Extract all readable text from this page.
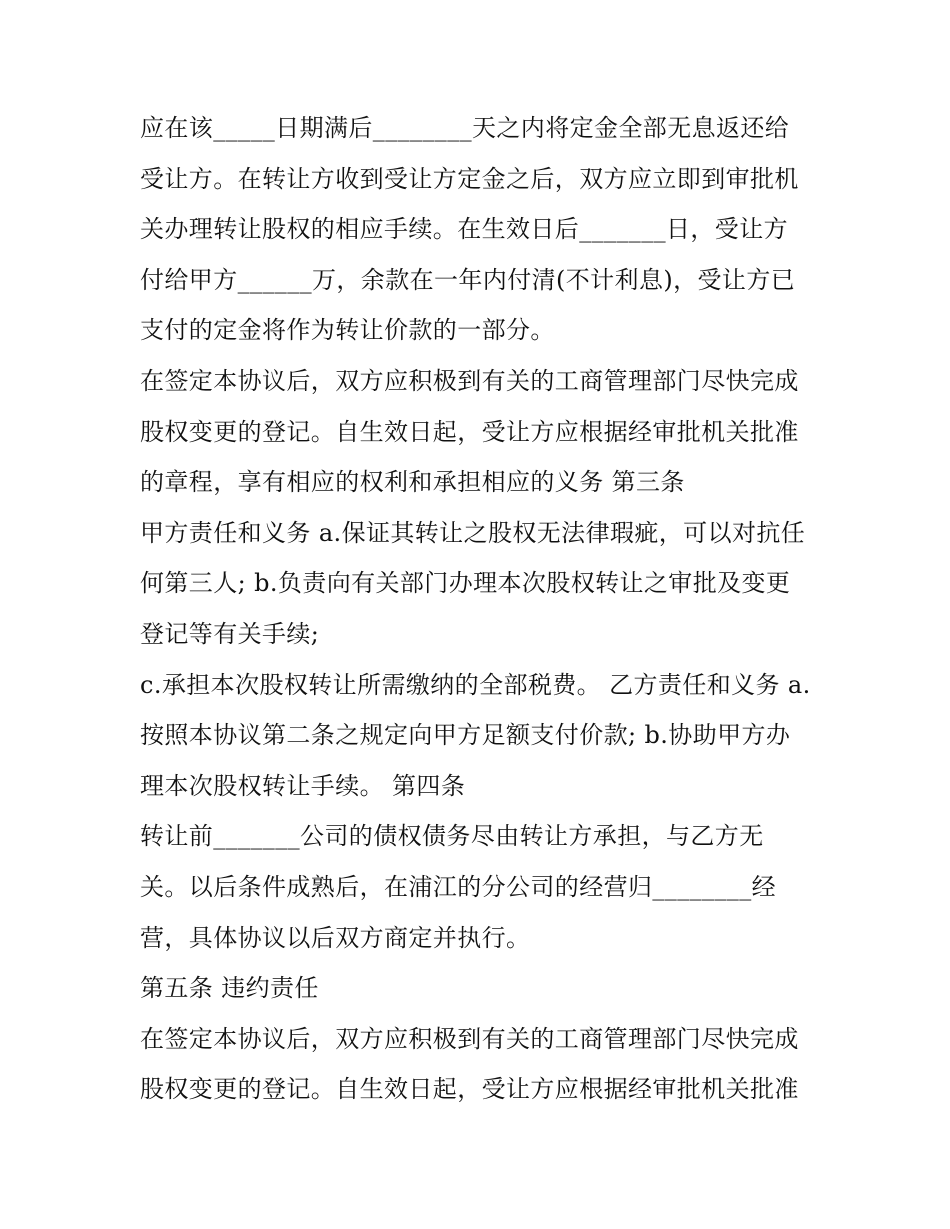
应在该_____日期满后________天之内将定金全部无息返还给
受让方。在转让方收到受让方定金之后，双方应立即到审批机
关办理转让股权的相应手续。在生效日后_______日，受让方
付给甲方______万，余款在一年内付清(不计利息)，受让方已
支付的定金将作为转让价款的一部分。
在签定本协议后，双方应积极到有关的工商管理部门尽快完成
股权变更的登记。自生效日起，受让方应根据经审批机关批准
的章程，享有相应的权利和承担相应的义务 第三条
甲方责任和义务 a.保证其转让之股权无法律瑕疵，可以对抗任
何第三人; b.负责向有关部门办理本次股权转让之审批及变更
登记等有关手续;
c.承担本次股权转让所需缴纳的全部税费。 乙方责任和义务 a.
按照本协议第二条之规定向甲方足额支付价款; b.协助甲方办
理本次股权转让手续。 第四条
转让前_______公司的债权债务尽由转让方承担，与乙方无
关。以后条件成熟后，在浦江的分公司的经营归________经
营，具体协议以后双方商定并执行。
第五条 违约责任
在签定本协议后，双方应积极到有关的工商管理部门尽快完成
股权变更的登记。自生效日起，受让方应根据经审批机关批准
